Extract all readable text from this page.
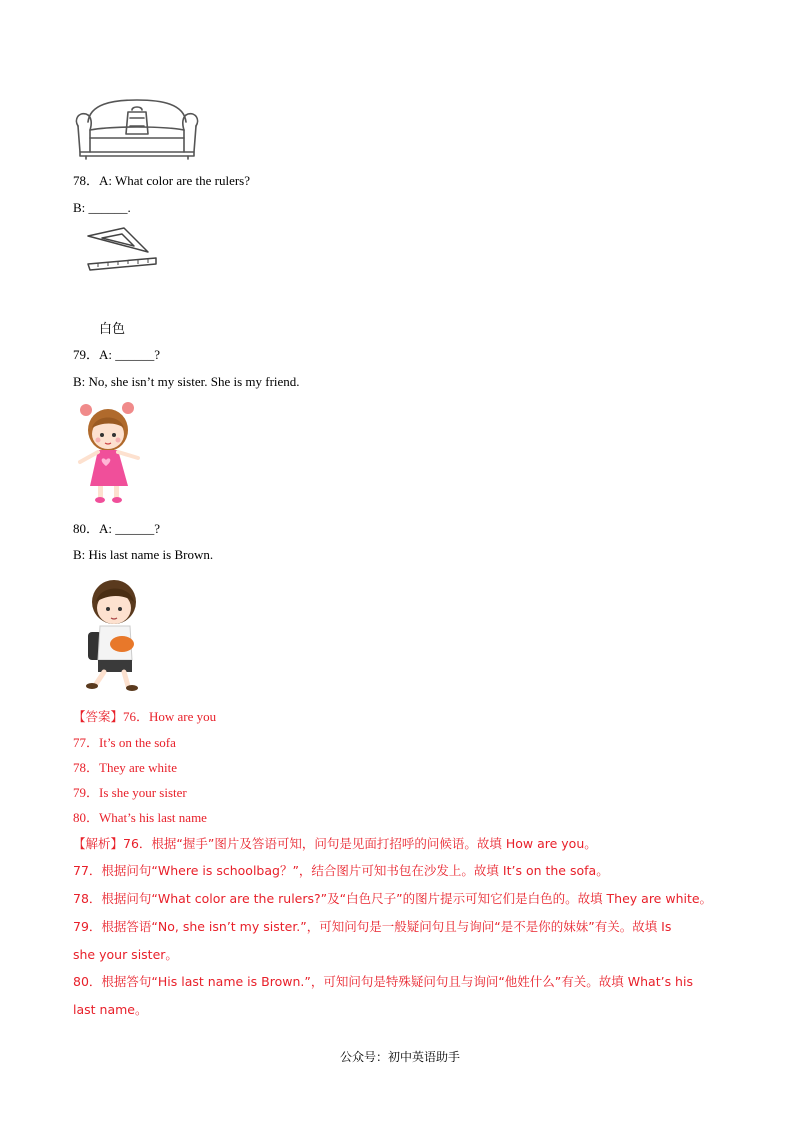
78．A: What color are the rulers?
B: ______.
白色
79．A: ______?
B: No, she isn’t my sister. She is my friend.
80．A: ______?
B: His last name is Brown.
【答案】76．How are you
77．It’s on the sofa
78．They are white
79．Is she your sister
80．What’s his last name
【解析】76．根据“握手”图片及答语可知，问句是见面打招呼的问候语。故填 How are you。
77．根据问句“Where is schoolbag？”，结合图片可知书包在沙发上。故填 It’s on the sofa。
78．根据问句“What color are the rulers?”及“白色尺子”的图片提示可知它们是白色的。故填 They are white。
79．根据答语“No, she isn’t my sister.”，可知问句是一般疑问句且与询问“是不是你的妹妹”有关。故填 Is
she your sister。
80．根据答句“His last name is Brown.”，可知问句是特殊疑问句且与询问“他姓什么”有关。故填 What’s his
last name。
公众号：初中英语助手
